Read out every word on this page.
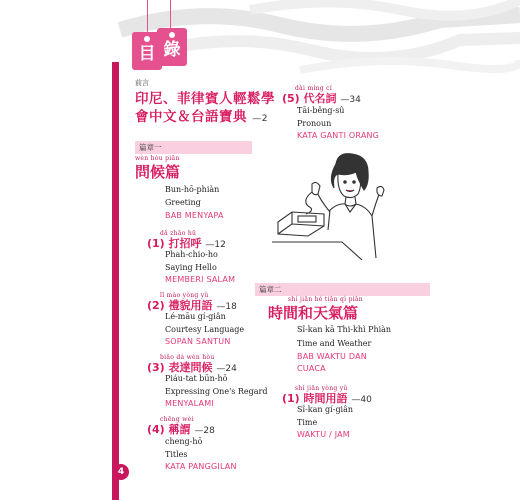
目 錄
4
前言
印尼、菲律賓人輕鬆學
會中文＆台語寶典 —2
篇章一
wèn hòu piān
問候篇
Bun-hō-phiàn
Greeting
BAB MENYAPA
dǎ zhāo hū
(1) 打招呼 —12
Phah-chio-ho
Saying Hello
MEMBERI SALAM
lǐ mào yòng yǔ
(2) 禮貌用語 —18
Lé-māu gí-giân
Courtesy Language
SOPAN SANTUN
biǎo dá wèn hòu
(3) 表達問候 —24
Piáu-tat būn-hō
Expressing One's Regard
MENYALAMI
chēng wèi
(4) 稱謂 —28
cheng-hō
Titles
KATA PANGGILAN
dài míng cí
(5) 代名詞 —34
Tāi-bêng-sû
Pronoun
KATA GANTI ORANG
篇章二
shí jiān hé tiān qì piān
時間和天氣篇
Sî-kan kā Thi-khì Phiàn
Time and Weather
BAB WAKTU DAN
CUACA
shí jiān yòng yǔ
(1) 時間用語 —40
Sî-kan gí-giân
Time
WAKTU / JAM
